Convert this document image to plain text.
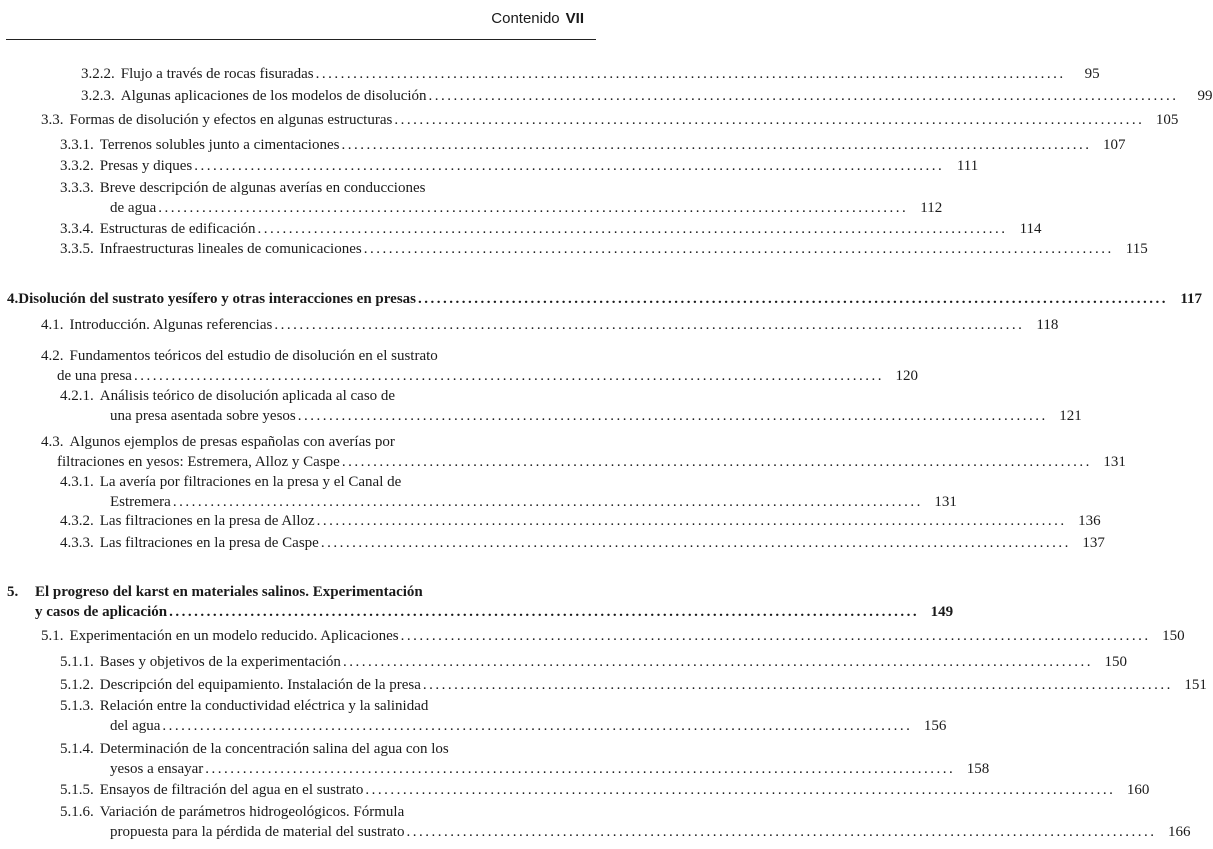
Contenido VII
3.2.2. Flujo a través de rocas fisuradas ........................................................................................................................	95
3.2.3. Algunas aplicaciones de los modelos de disolución ........................................................................................................................	99
3.3. Formas de disolución y efectos en algunas estructuras ........................................................................................................................ 105
3.3.1. Terrenos solubles junto a cimentaciones ........................................................................................................................ 107
3.3.2. Presas y diques ........................................................................................................................ 111
3.3.3. Breve descripción de algunas averías en conducciones
de agua ........................................................................................................................ 112
3.3.4. Estructuras de edificación ........................................................................................................................ 114
3.3.5. Infraestructuras lineales de comunicaciones ........................................................................................................................ 115
4. Disolución del sustrato yesífero y otras interacciones en presas ........................................................................................................................ 117
4.1. Introducción. Algunas referencias ........................................................................................................................ 118
4.2. Fundamentos teóricos del estudio de disolución en el sustrato
de una presa ........................................................................................................................ 120
4.2.1. Análisis teórico de disolución aplicada al caso de
una presa asentada sobre yesos ........................................................................................................................ 121
4.3. Algunos ejemplos de presas españolas con averías por
filtraciones en yesos: Estremera, Alloz y Caspe ........................................................................................................................ 131
4.3.1. La avería por filtraciones en la presa y el Canal de
Estremera ........................................................................................................................ 131
4.3.2. Las filtraciones en la presa de Alloz ........................................................................................................................ 136
4.3.3. Las filtraciones en la presa de Caspe ........................................................................................................................ 137
5.	El progreso del karst en materiales salinos. Experimentación
y casos de aplicación ........................................................................................................................ 149
5.1. Experimentación en un modelo reducido. Aplicaciones ........................................................................................................................ 150
5.1.1. Bases y objetivos de la experimentación ........................................................................................................................ 150
5.1.2. Descripción del equipamiento. Instalación de la presa ........................................................................................................................ 151
5.1.3. Relación entre la conductividad eléctrica y la salinidad
del agua ........................................................................................................................ 156
5.1.4. Determinación de la concentración salina del agua con los
yesos a ensayar ........................................................................................................................ 158
5.1.5. Ensayos de filtración del agua en el sustrato ........................................................................................................................ 160
5.1.6. Variación de parámetros hidrogeológicos. Fórmula
propuesta para la pérdida de material del sustrato ........................................................................................................................ 166
